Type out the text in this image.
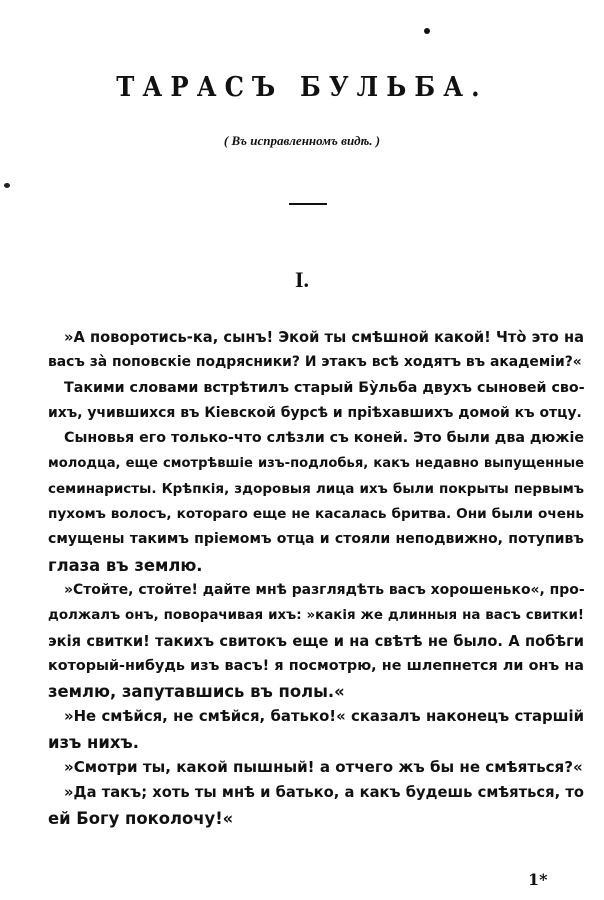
ТАРАСЪ БУЛЬБА.
( Въ исправленномъ видѣ. )
I.

»А поворотись-ка, сынъ! Экой ты смѣшной какой! Что̀ это на
васъ за̀ поповскіе подрясники? И этакъ всѣ ходятъ въ академіи?«

Такими словами встрѣтилъ старый Бу̀льба двухъ сыновей сво-
ихъ, учившихся въ Кіевской бурсѣ и пріѣхавшихъ домой къ отцу.

Сыновья его только-что слѣзли съ коней. Это были два дюжіе
молодца, еще смотрѣвшіе изъ-подлобья, какъ недавно выпущенные
семинаристы. Крѣпкія, здоровыя лица ихъ были покрыты первымъ
пухомъ волосъ, котораго еще не касалась бритва. Они были очень
смущены такимъ пріемомъ отца и стояли неподвижно, потупивъ
глаза въ землю.

»Стойте, стойте! дайте мнѣ разглядѣть васъ хорошенько«, про-
должалъ онъ, поворачивая ихъ: »какія же длинныя на васъ свитки!
экія свитки! такихъ свитокъ еще и на свѣтѣ не было. А побѣги
который-нибудь изъ васъ! я посмотрю, не шлепнется ли онъ на
землю, запутавшись въ полы.«

»Не смѣйся, не смѣйся, батько!« сказалъ наконецъ старшій
изъ нихъ.

»Смотри ты, какой пышный! а отчего жъ бы не смѣяться?«

»Да такъ; хоть ты мнѣ и батько, а какъ будешь смѣяться, то
ей Богу поколочу!«

1*
